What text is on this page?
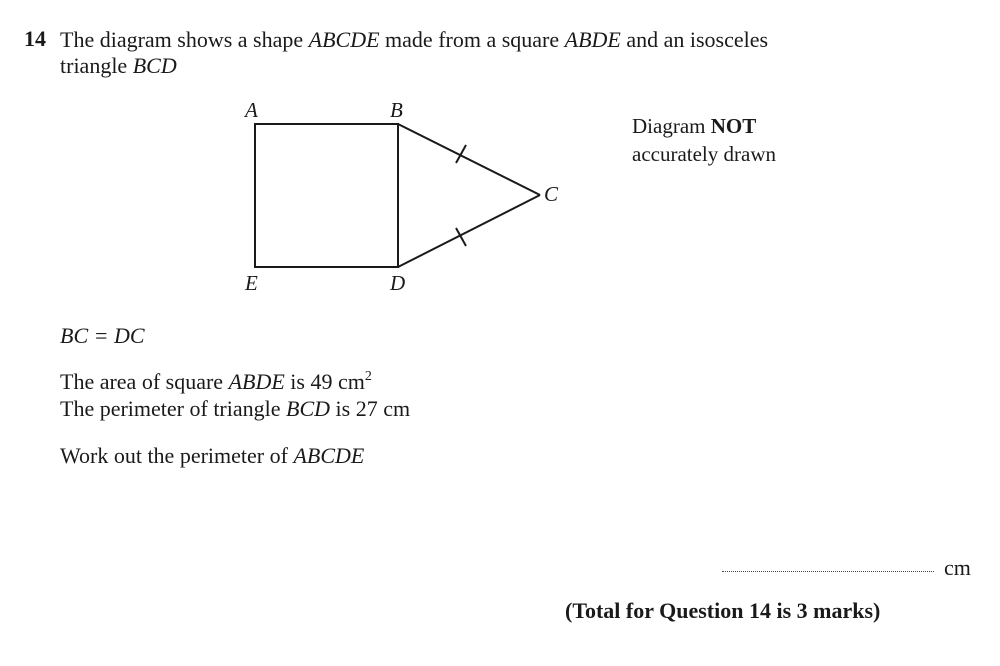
14 The diagram shows a shape ABCDE made from a square ABDE and an isosceles
triangle BCD
A	B
C
D
E
Diagram NOT
accurately drawn
BC = DC
The area of square ABDE is 49 $cm^2$
The perimeter of triangle BCD is 27 cm
Work out the perimeter of ABCDE
cm
(Total for Question 14 is 3 marks)
